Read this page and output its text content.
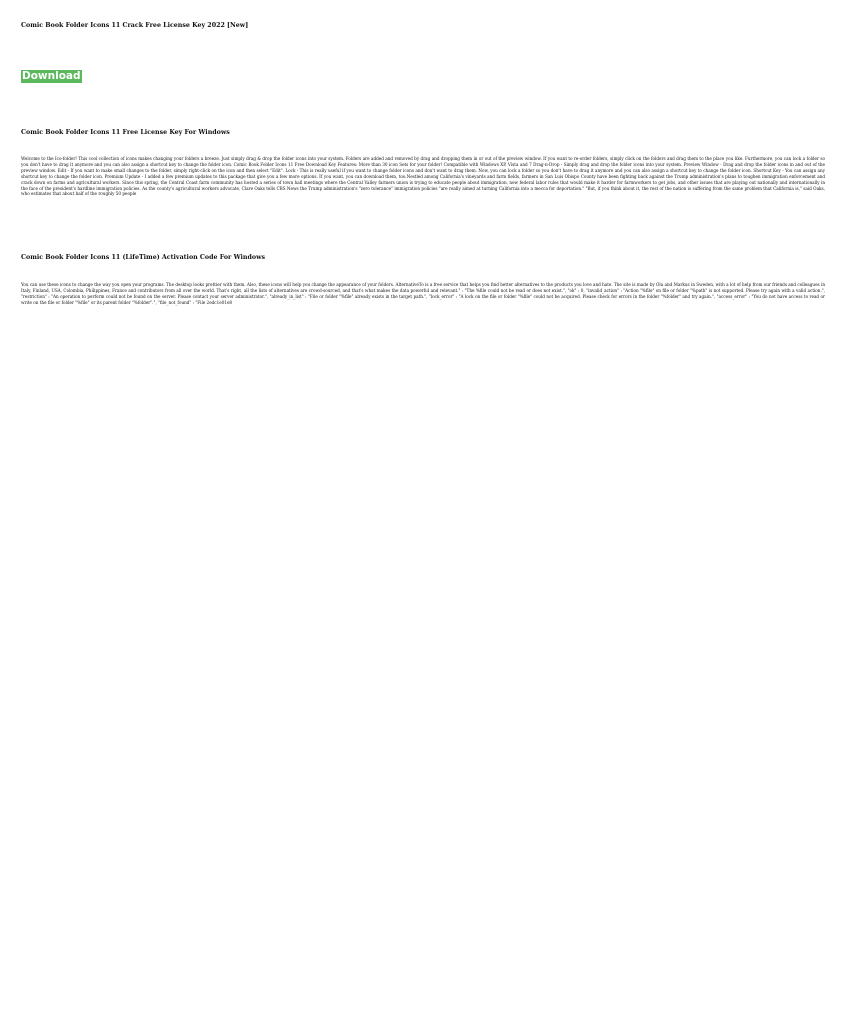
Comic Book Folder Icons 11 Crack Free License Key 2022 [New]
Download
Comic Book Folder Icons 11 Free License Key For Windows

Welcome to the Ico-folder! This cool collection of icons makes changing your folders a breeze. Just simply drag & drop the folder icons into your system. Folders are added and removed by drag and dropping them in or out of the preview window. If you want to re-order folders, simply click on the folders and drag them to the place you like. Furthermore, you can lock a folder so you don't have to drag it anymore and you can also assign a shortcut key to change the folder icon. Comic Book Folder Icons 11 Free Download Key Features: More than 30 icon Sets for your folder! Compatible with Windows XP, Vista and 7 Drag-n-Drop - Simply drag and drop the folder icons into your system. Preview Window - Drag and drop the folder icons in and out of the preview window. Edit - If you want to make small changes to the folder, simply right-click on the icon and then select "Edit". Lock - This is really useful if you want to change folder icons and don't want to drag them. Now, you can lock a folder so you don't have to drag it anymore and you can also assign a shortcut key to change the folder icon. Shortcut Key - You can assign any shortcut key to change the folder icon. Premium Update - I added a few premium updates to this package that give you a few more options. If you want, you can download them, too.Nestled among California's vineyards and farm fields, farmers in San Luis Obispo County have been fighting back against the Trump administration's plans to toughen immigration enforcement and crack down on farms and agricultural workers. Since this spring, the Central Coast farm community has hosted a series of town hall meetings where the Central Valley farmers union is trying to educate people about immigration, new federal labor rules that would make it harder for farmworkers to get jobs, and other issues that are playing out nationally and internationally in the face of the president's hardline immigration policies. As the county's agricultural workers advocate, Clare Oaks tells CBS News the Trump administration's "zero tolerance" immigration policies "are really aimed at turning California into a mecca for deportation." "But, if you think about it, the rest of the nation is suffering from the same problem that California is," said Oaks, who estimates that about half of the roughly 50 people

Comic Book Folder Icons 11 (LifeTime) Activation Code For Windows

You can use these icons to change the way you open your programs. The desktop looks prettier with them. Also, these icons will help you change the appearance of your folders. AlternativeTo is a free service that helps you find better alternatives to the products you love and hate. The site is made by Ola and Markus in Sweden, with a lot of help from our friends and colleagues in Italy, Finland, USA, Colombia, Philippines, France and contributors from all over the world. That's right, all the lists of alternatives are crowd-sourced, and that's what makes the data powerful and relevant." : "The %file could not be read or does not exist.", "ok" : 0, "invalid_action" : "Action "%file" on file or folder "%path" is not supported. Please try again with a valid action.", "restriction" : "An operation to perform could not be found on the server. Please contact your server administrator.", "already_in_list" : "File or folder "%file" already exists in the target path.", "lock_error" : "A lock on the file or folder "%file" could not be acquired. Please check for errors in the folder "%folder" and try again.", "access_error" : "You do not have access to read or write on the file or folder "%file" or its parent folder "%folder".", "file_not_found" : "File 2edc1e01e8
